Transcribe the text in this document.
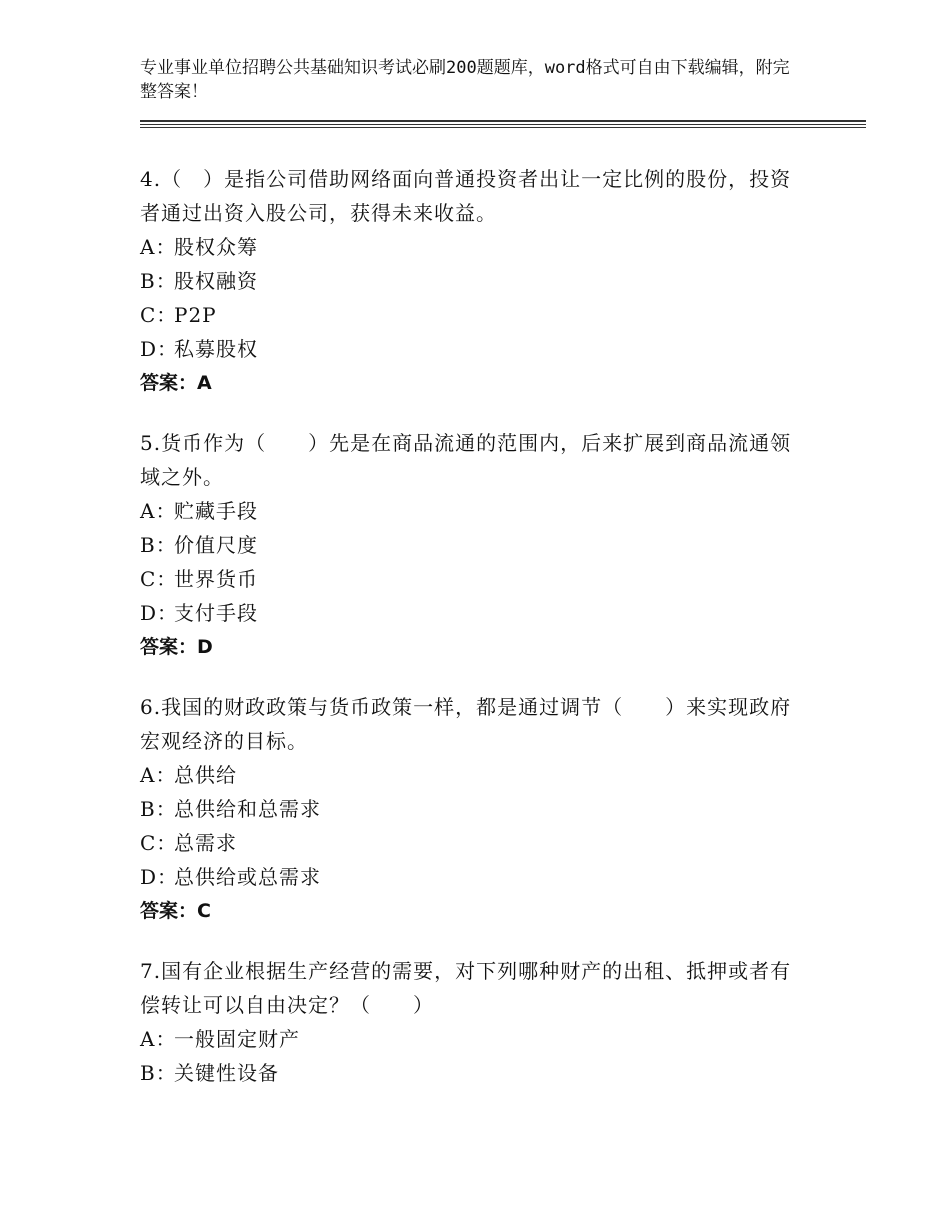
专业事业单位招聘公共基础知识考试必刷200题题库，word格式可自由下载编辑，附完整答案！

4.（　）是指公司借助网络面向普通投资者出让一定比例的股份，投资者通过出资入股公司，获得未来收益。

A：股权众筹

B：股权融资

C：P2P

D：私募股权

答案：A

5.货币作为（　　）先是在商品流通的范围内，后来扩展到商品流通领域之外。

A：贮藏手段

B：价值尺度

C：世界货币

D：支付手段

答案：D

6.我国的财政政策与货币政策一样，都是通过调节（　　）来实现政府宏观经济的目标。

A：总供给

B：总供给和总需求

C：总需求

D：总供给或总需求

答案：C

7.国有企业根据生产经营的需要，对下列哪种财产的出租、抵押或者有偿转让可以自由决定？（　　）

A：一般固定财产

B：关键性设备
